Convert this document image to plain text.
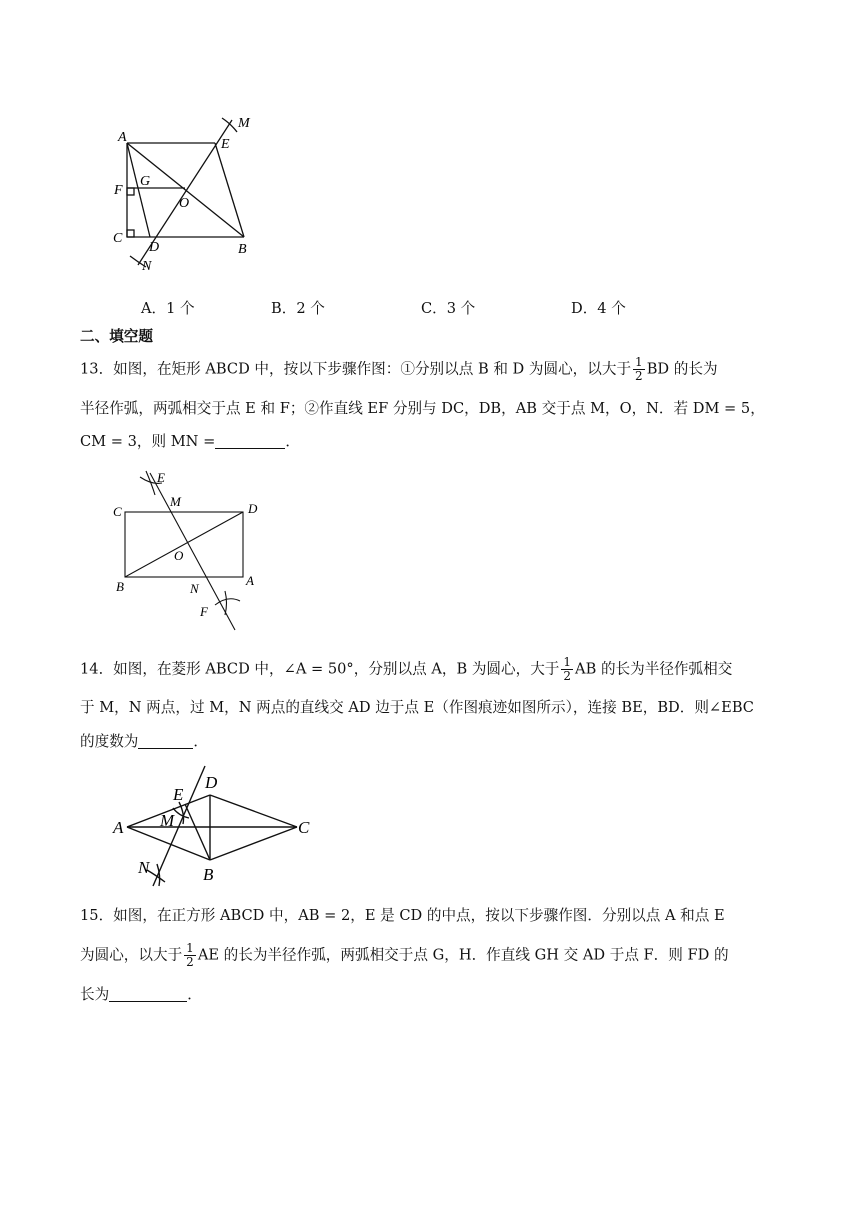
A	E
M
F
G
O
C
D	B
N
A．1 个	B．2 个	C．3 个	D．4 个
二、填空题
13．如图，在矩形 ABCD 中，按以下步骤作图：①分别以点 B 和 D 为圆心，以大于 $\frac{1}{2}$ BD 的长为
半径作弧，两弧相交于点 E 和 F；②作直线 EF 分别与 DC，DB，AB 交于点 M，O，N．若 DM = 5，
CM = 3，则 MN =	．
E
M
C	D
O
B	N
A
F
14．如图，在菱形 ABCD 中，∠A = 50°，分别以点 A，B 为圆心，大于 $\frac{1}{2}$ AB 的长为半径作弧相交
于 M，N 两点，过 M，N 两点的直线交 AD 边于点 E（作图痕迹如图所示），连接 BE，BD．则∠EBC
的度数为	．
A
E
D
M	C
N	B
15．如图，在正方形 ABCD 中，AB = 2，E 是 CD 的中点，按以下步骤作图．分别以点 A 和点 E
为圆心，以大于 $\frac{1}{2}$ AE 的长为半径作弧，两弧相交于点 G，H．作直线 GH 交 AD 于点 F．则 FD 的
长为	．
